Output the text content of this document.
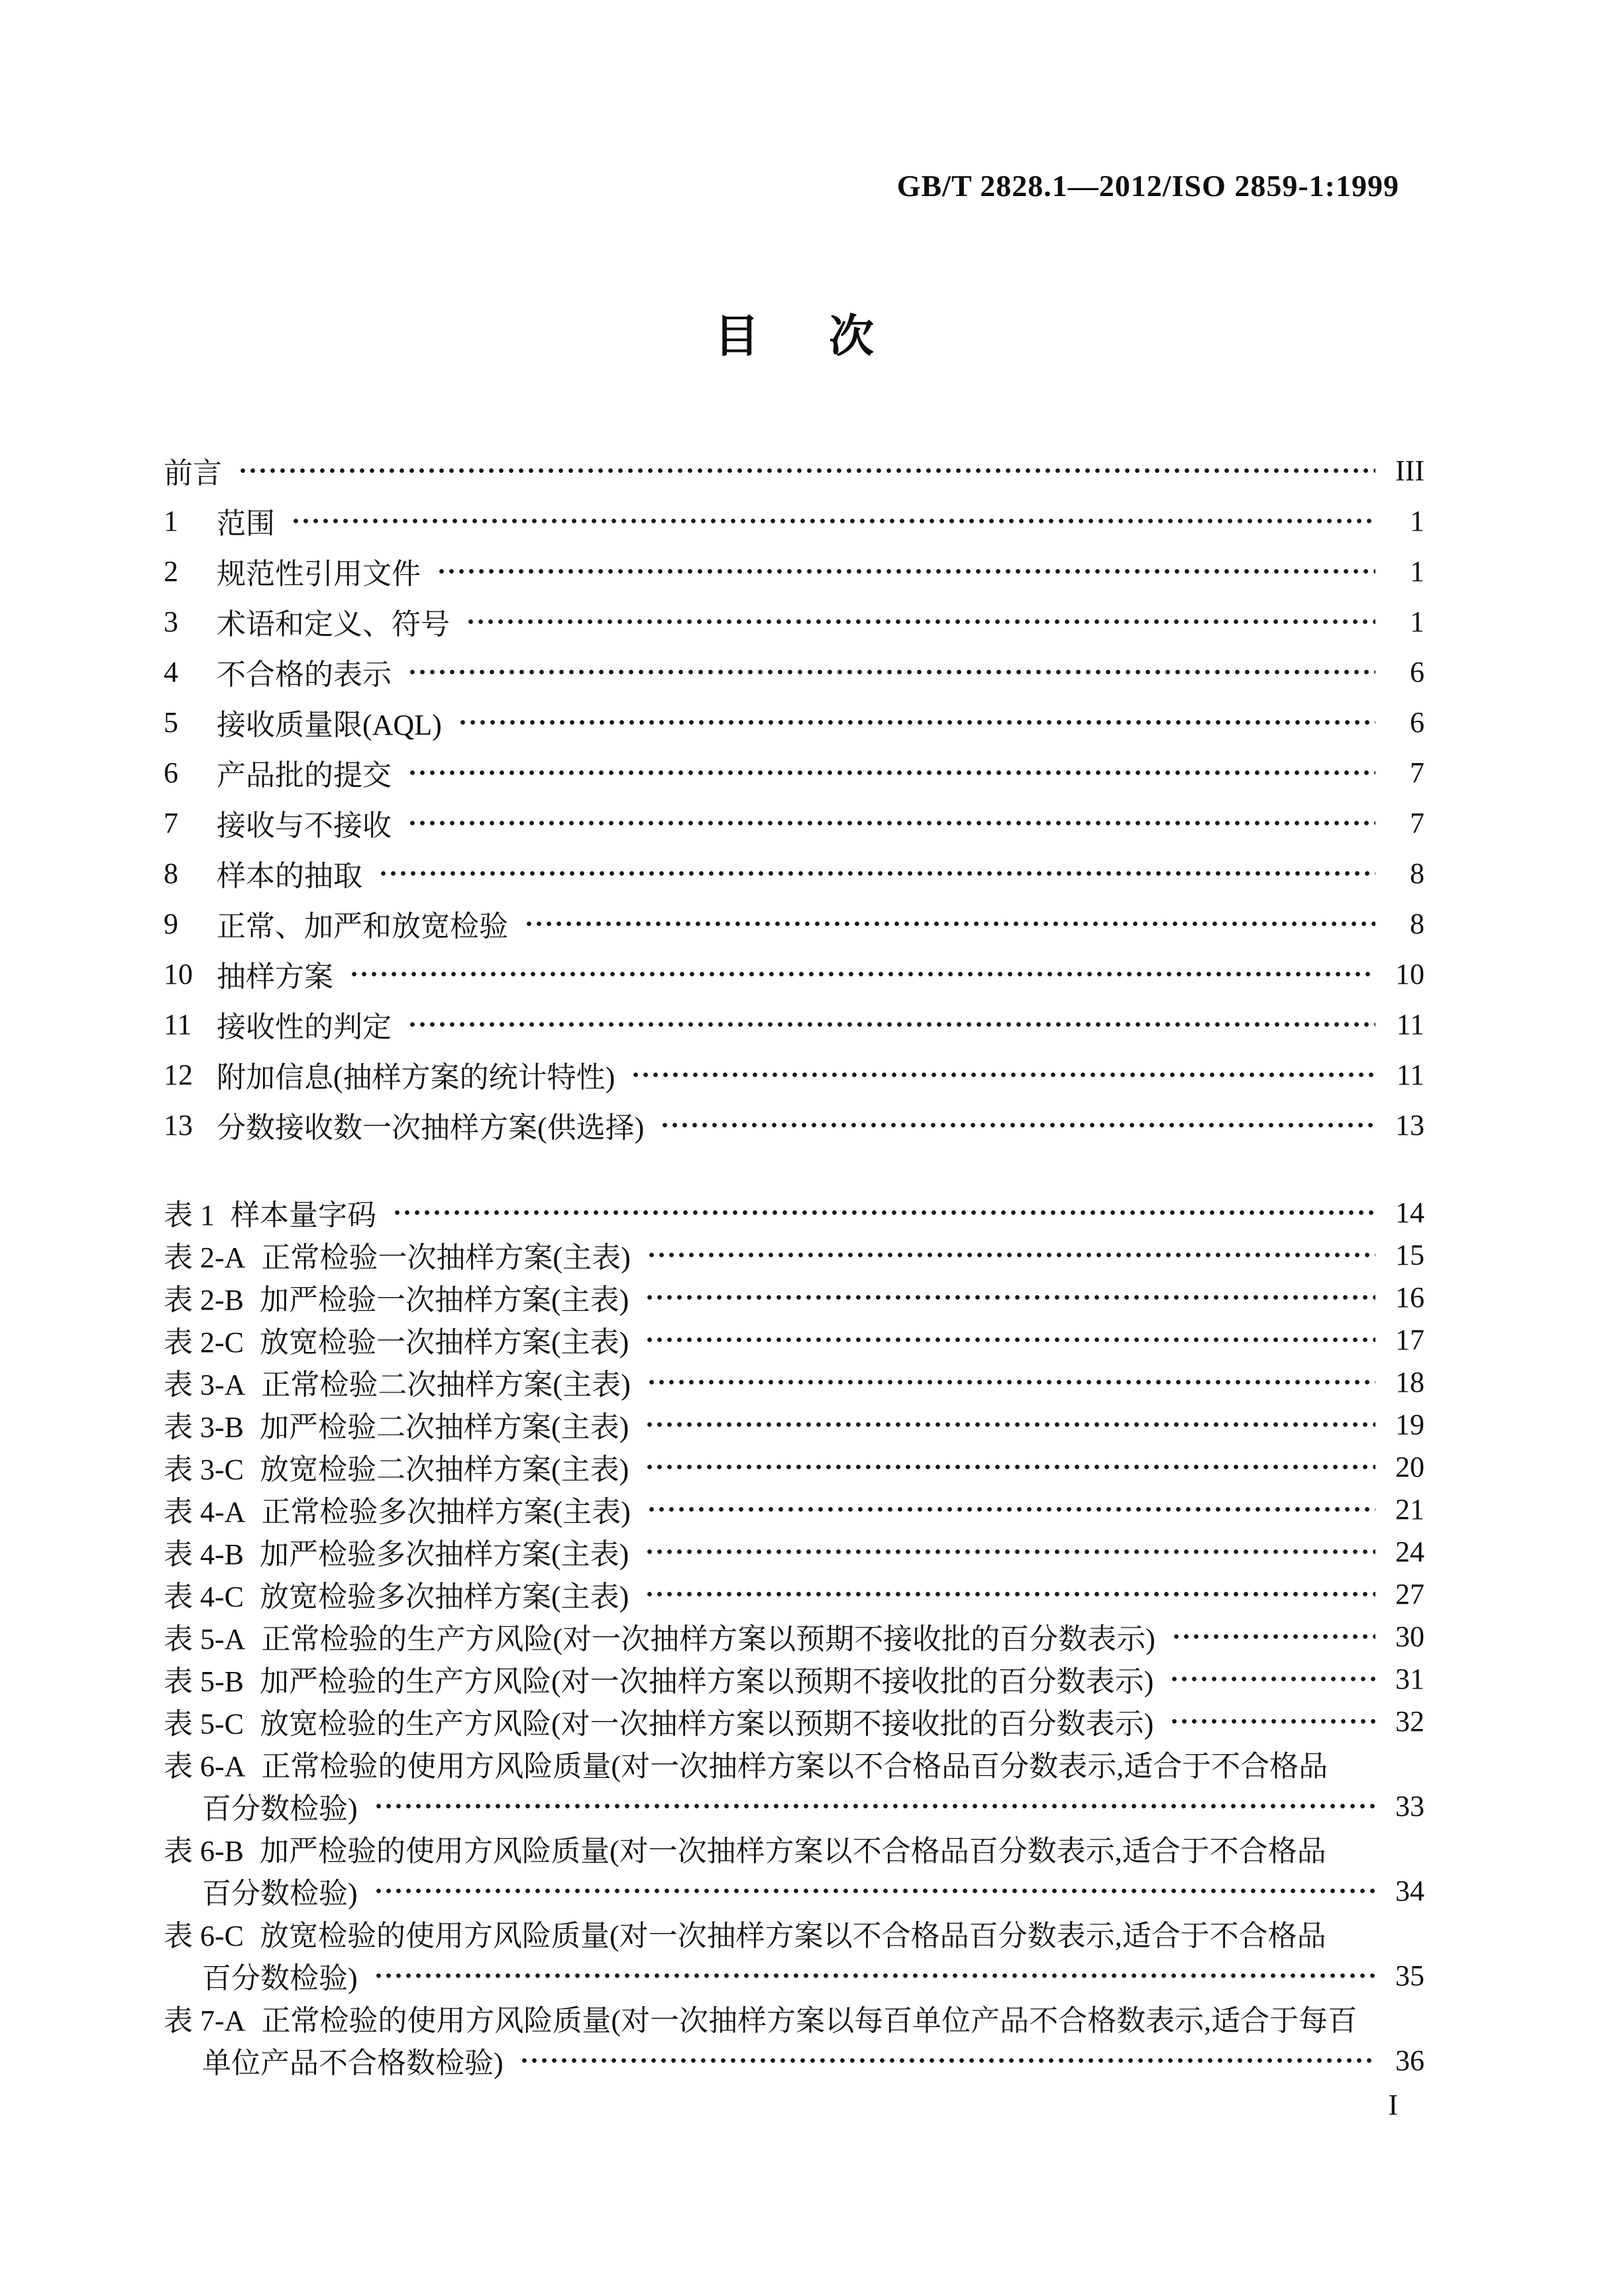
GB/T 2828.1—2012/ISO 2859-1:1999
目 次
前言	III
1	范围	1
2	规范性引用文件	1
3	术语和定义、符号	1
4	不合格的表示	6
5	接收质量限(AQL)	6
6	产品批的提交	7
7	接收与不接收	7
8	样本的抽取	8
9	正常、加严和放宽检验	8
10 抽样方案	10
11 接收性的判定	11
12 附加信息(抽样方案的统计特性)	11
13 分数接收数一次抽样方案(供选择)	13
表 1 样本量字码	14
表 2-A 正常检验一次抽样方案(主表)	15
表 2-B 加严检验一次抽样方案(主表)	16
表 2-C 放宽检验一次抽样方案(主表)	17
表 3-A 正常检验二次抽样方案(主表)	18
表 3-B 加严检验二次抽样方案(主表)	19
表 3-C 放宽检验二次抽样方案(主表)	20
表 4-A 正常检验多次抽样方案(主表)	21
表 4-B 加严检验多次抽样方案(主表)	24
表 4-C 放宽检验多次抽样方案(主表)	27
表 5-A 正常检验的生产方风险(对一次抽样方案以预期不接收批的百分数表示)	30
表 5-B 加严检验的生产方风险(对一次抽样方案以预期不接收批的百分数表示)	31
表 5-C 放宽检验的生产方风险(对一次抽样方案以预期不接收批的百分数表示)	32
表 6-A 正常检验的使用方风险质量(对一次抽样方案以不合格品百分数表示,适合于不合格品
百分数检验)	33
表 6-B 加严检验的使用方风险质量(对一次抽样方案以不合格品百分数表示,适合于不合格品
百分数检验)	34
表 6-C 放宽检验的使用方风险质量(对一次抽样方案以不合格品百分数表示,适合于不合格品
百分数检验)	35
表 7-A 正常检验的使用方风险质量(对一次抽样方案以每百单位产品不合格数表示,适合于每百
单位产品不合格数检验)	36
I
